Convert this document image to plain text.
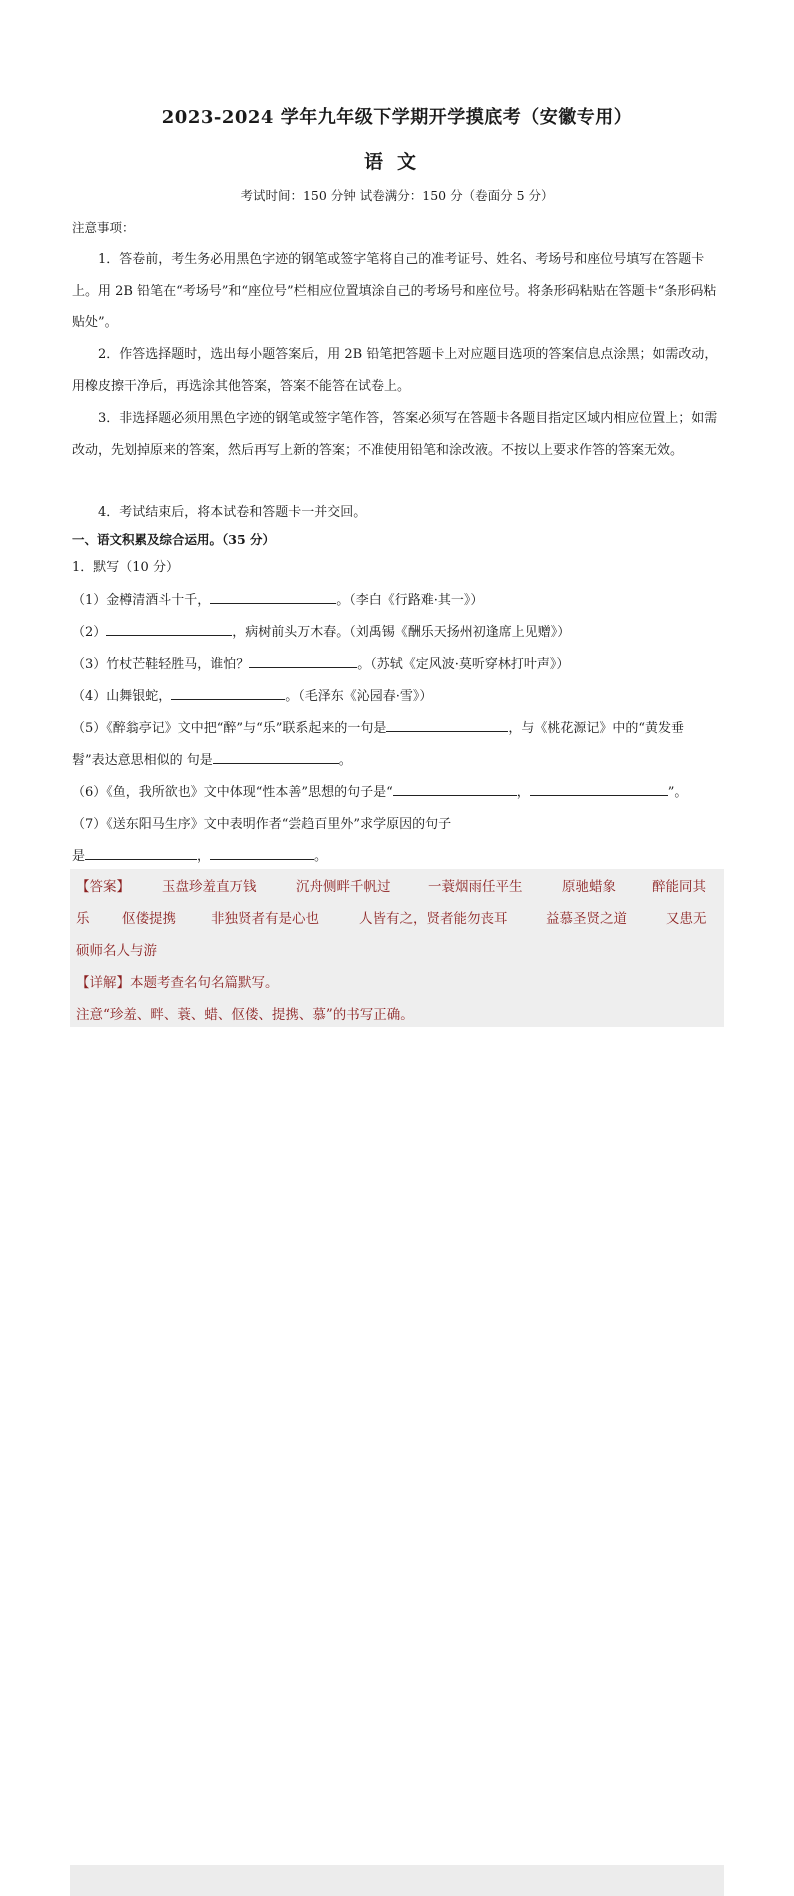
2023-2024 学年九年级下学期开学摸底考（安徽专用）
语文
考试时间：150 分钟 试卷满分：150 分（卷面分 5 分）
注意事项：

1．答卷前，考生务必用黑色字迹的钢笔或签字笔将自己的准考证号、姓名、考场号和座位号填写在答题卡上。用 2B 铅笔在“考场号”和“座位号”栏相应位置填涂自己的考场号和座位号。将条形码粘贴在答题卡“条形码粘贴处”。

2．作答选择题时，选出每小题答案后，用 2B 铅笔把答题卡上对应题目选项的答案信息点涂黑；如需改动，用橡皮擦干净后，再选涂其他答案，答案不能答在试卷上。

3．非选择题必须用黑色字迹的钢笔或签字笔作答，答案必须写在答题卡各题目指定区域内相应位置上；如需改动，先划掉原来的答案，然后再写上新的答案；不准使用铅笔和涂改液。不按以上要求作答的答案无效。

4．考试结束后，将本试卷和答题卡一并交回。

一、语文积累及综合运用。（35 分）
1．默写（10 分）
（1）金樽清酒斗十千，	。（李白《行路难·其一》）
（2）	，病树前头万木春。（刘禹锡《酬乐天扬州初逢席上见赠》）
（3）竹杖芒鞋轻胜马，谁怕？	。（苏轼《定风波·莫听穿林打叶声》）
（4）山舞银蛇，	。（毛泽东《沁园春·雪》）
（5）《醉翁亭记》文中把“醉”与“乐”联系起来的一句是	，与《桃花源记》中的“黄发垂
髫”表达意思相似的 句是	。
（6）《鱼，我所欲也》文中体现“性本善”思想的句子是“	，	”。
（7）《送东阳马生序》文中表明作者“尝趋百里外”求学原因的句子
是	，	。
【答案】 玉盘珍羞直万钱	沉舟侧畔千帆过	一蓑烟雨任平生	原驰蜡象	醉能同其
乐 伛偻提携	非独贤者有是心也	人皆有之，贤者能勿丧耳	益慕圣贤之道	又患无
硕师名人与游
【详解】本题考查名句名篇默写。
注意“珍羞、畔、蓑、蜡、伛偻、提携、慕”的书写正确。
